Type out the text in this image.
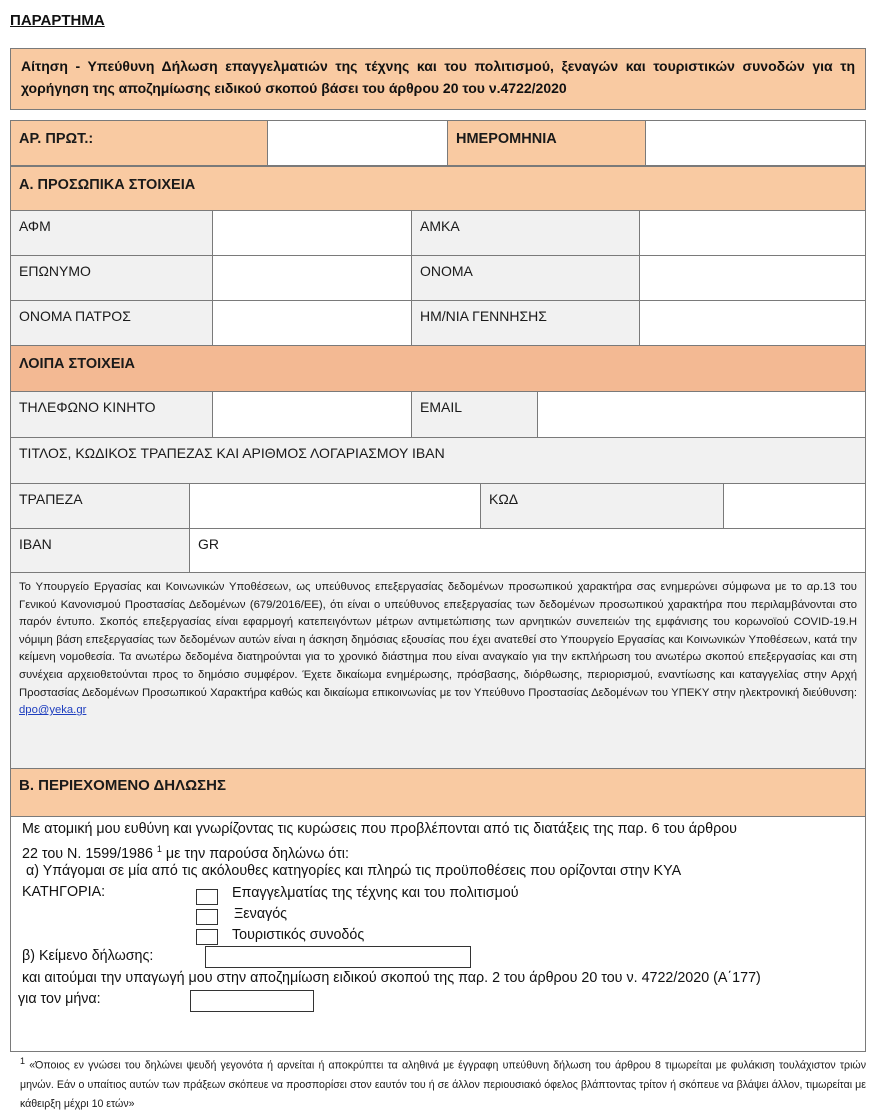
ΠΑΡΑΡΤΗΜΑ
Αίτηση - Υπεύθυνη Δήλωση επαγγελματιών της τέχνης και του πολιτισμού, ξεναγών και τουριστικών συνοδών για τη χορήγηση της αποζημίωσης ειδικού σκοπού βάσει του άρθρου 20 του ν.4722/2020
ΑΡ. ΠΡΩΤ.:	ΗΜΕΡΟΜΗΝΙΑ
Α. ΠΡΟΣΩΠΙΚΑ ΣΤΟΙΧΕΙΑ
ΑΦΜ	ΑΜΚΑ
ΕΠΩΝΥΜΟ	ΟΝΟΜΑ
ΟΝΟΜΑ ΠΑΤΡΟΣ	ΗΜ/ΝΙΑ ΓΕΝΝΗΣΗΣ
ΛΟΙΠΑ ΣΤΟΙΧΕΙΑ
ΤΗΛΕΦΩΝΟ ΚΙΝΗΤΟ	EMAIL
ΤΙΤΛΟΣ, ΚΩΔΙΚΟΣ ΤΡΑΠΕΖΑΣ ΚΑΙ ΑΡΙΘΜΟΣ ΛΟΓΑΡΙΑΣΜΟΥ IBAN
ΤΡΑΠΕΖΑ	ΚΩΔ
IBAN	GR
Το Υπουργείο Εργασίας και Κοινωνικών Υποθέσεων, ως υπεύθυνος επεξεργασίας δεδομένων προσωπικού χαρακτήρα σας ενημερώνει σύμφωνα με το αρ.13 του Γενικού Κανονισμού Προστασίας Δεδομένων (679/2016/ΕΕ), ότι είναι ο υπεύθυνος επεξεργασίας των δεδομένων προσωπικού χαρακτήρα που περιλαμβάνονται στο παρόν έντυπο. Σκοπός επεξεργασίας είναι εφαρμογή κατεπειγόντων μέτρων αντιμετώπισης των αρνητικών συνεπειών της εμφάνισης του κορωνοϊού COVID-19.Η νόμιμη βάση επεξεργασίας των δεδομένων αυτών είναι η άσκηση δημόσιας εξουσίας που έχει ανατεθεί στο Υπουργείο Εργασίας και Κοινωνικών Υποθέσεων, κατά την κείμενη νομοθεσία. Τα ανωτέρω δεδομένα διατηρούνται για το χρονικό διάστημα που είναι αναγκαίο για την εκπλήρωση του ανωτέρω σκοπού επεξεργασίας και στη συνέχεια αρχειοθετούνται προς το δημόσιο συμφέρον. Έχετε δικαίωμα ενημέρωσης, πρόσβασης, διόρθωσης, περιορισμού, εναντίωσης και καταγγελίας στην Αρχή Προστασίας Δεδομένων Προσωπικού Χαρακτήρα καθώς και δικαίωμα επικοινωνίας με τον Υπεύθυνο Προστασίας Δεδομένων του ΥΠΕΚΥ στην ηλεκτρονική διεύθυνση: dpo@yeka.gr
Β. ΠΕΡΙΕΧΟΜΕΝΟ ΔΗΛΩΣΗΣ
Με ατομική μου ευθύνη και γνωρίζοντας τις κυρώσεις που προβλέπονται από τις διατάξεις της παρ. 6 του άρθρου
22 του Ν. 1599/1986 $^1$ με την παρούσα δηλώνω ότι:
α) Υπάγομαι σε μία από τις ακόλουθες κατηγορίες και πληρώ τις προϋποθέσεις που ορίζονται στην ΚΥΑ
ΚΑΤΗΓΟΡΙΑ:	Επαγγελματίας της τέχνης και του πολιτισμού
Ξεναγός
Τουριστικός συνοδός
β) Κείμενο δήλωσης:
και αιτούμαι την υπαγωγή μου στην αποζημίωση ειδικού σκοπού της παρ. 2 του άρθρου 20 του ν. 4722/2020 (Α΄177)
για τον μήνα:
$^1$ «Όποιος εν γνώσει του δηλώνει ψευδή γεγονότα ή αρνείται ή αποκρύπτει τα αληθινά με έγγραφη υπεύθυνη δήλωση του άρθρου 8 τιμωρείται με φυλάκιση τουλάχιστον τριών μηνών. Εάν ο υπαίτιος αυτών των πράξεων σκόπευε να προσπορίσει στον εαυτόν του ή σε άλλον περιουσιακό όφελος βλάπτοντας τρίτον ή σκόπευε να βλάψει άλλον, τιμωρείται με κάθειρξη μέχρι 10 ετών»
